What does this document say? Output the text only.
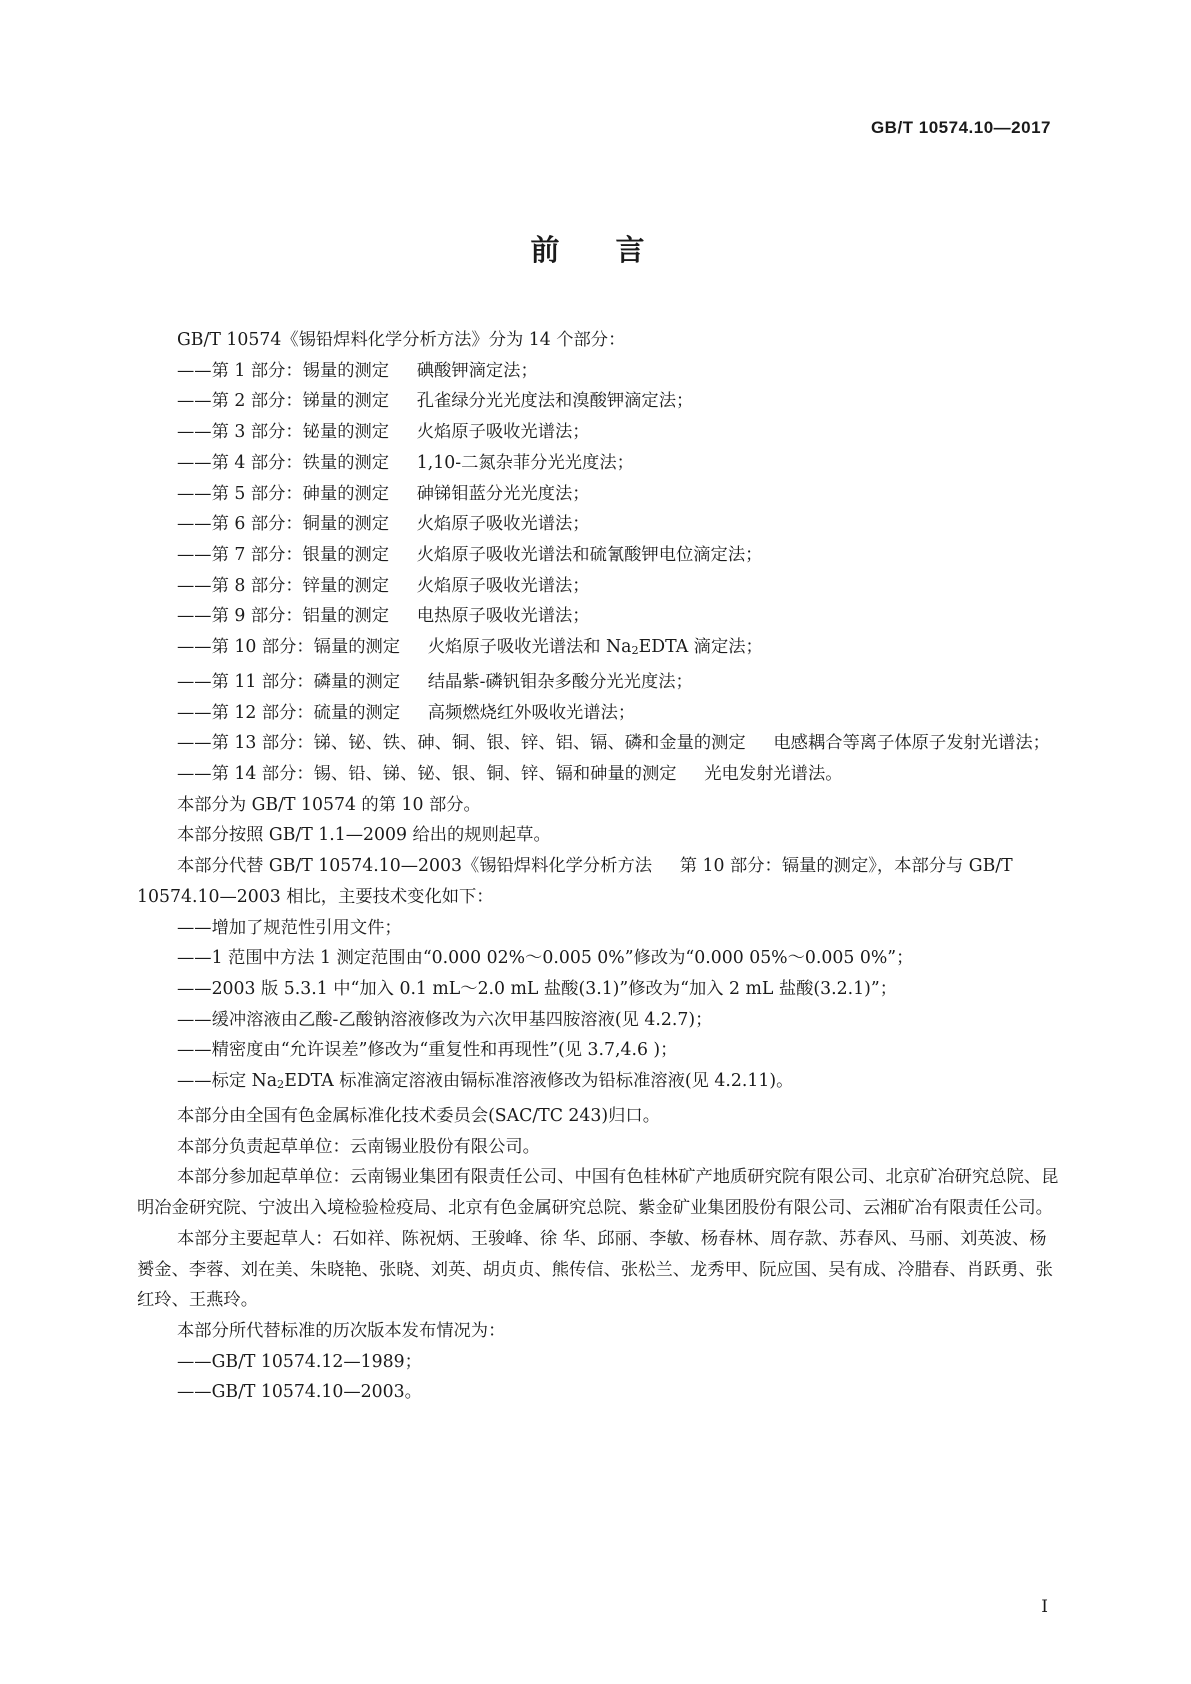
GB/T 10574.10—2017
前言

GB/T 10574《锡铅焊料化学分析方法》分为 14 个部分：

——第 1 部分：锡量的测定 碘酸钾滴定法；

——第 2 部分：锑量的测定 孔雀绿分光光度法和溴酸钾滴定法；

——第 3 部分：铋量的测定 火焰原子吸收光谱法；

——第 4 部分：铁量的测定 1,10-二氮杂菲分光光度法；

——第 5 部分：砷量的测定 砷锑钼蓝分光光度法；

——第 6 部分：铜量的测定 火焰原子吸收光谱法；

——第 7 部分：银量的测定 火焰原子吸收光谱法和硫氰酸钾电位滴定法；

——第 8 部分：锌量的测定 火焰原子吸收光谱法；

——第 9 部分：铝量的测定 电热原子吸收光谱法；

——第 10 部分：镉量的测定 火焰原子吸收光谱法和 $Na_2EDTA$ 滴定法；

——第 11 部分：磷量的测定 结晶紫-磷钒钼杂多酸分光光度法；

——第 12 部分：硫量的测定 高频燃烧红外吸收光谱法；

——第 13 部分：锑、铋、铁、砷、铜、银、锌、铝、镉、磷和金量的测定 电感耦合等离子体原子发射光谱法；

——第 14 部分：锡、铅、锑、铋、银、铜、锌、镉和砷量的测定 光电发射光谱法。

本部分为 GB/T 10574 的第 10 部分。

本部分按照 GB/T 1.1—2009 给出的规则起草。

本部分代替 GB/T 10574.10—2003《锡铅焊料化学分析方法 第 10 部分：镉量的测定》，本部分与 GB/T 10574.10—2003 相比，主要技术变化如下：

——增加了规范性引用文件；

——1 范围中方法 1 测定范围由“0.000 02%～0.005 0%”修改为“0.000 05%～0.005 0%”；

——2003 版 5.3.1 中“加入 0.1 mL～2.0 mL 盐酸(3.1)”修改为“加入 2 mL 盐酸(3.2.1)”；

——缓冲溶液由乙酸-乙酸钠溶液修改为六次甲基四胺溶液(见 4.2.7)；

——精密度由“允许误差”修改为“重复性和再现性”(见 3.7,4.6 )；

——标定 $Na_2EDTA$ 标准滴定溶液由镉标准溶液修改为铅标准溶液(见 4.2.11)。

本部分由全国有色金属标准化技术委员会(SAC/TC 243)归口。

本部分负责起草单位：云南锡业股份有限公司。

本部分参加起草单位：云南锡业集团有限责任公司、中国有色桂林矿产地质研究院有限公司、北京矿冶研究总院、昆明冶金研究院、宁波出入境检验检疫局、北京有色金属研究总院、紫金矿业集团股份有限公司、云湘矿冶有限责任公司。

本部分主要起草人：石如祥、陈祝炳、王骏峰、徐 华、邱丽、李敏、杨春林、周存款、苏春风、马丽、刘英波、杨赟金、李蓉、刘在美、朱晓艳、张晓、刘英、胡贞贞、熊传信、张松兰、龙秀甲、阮应国、吴有成、冷腊春、肖跃勇、张红玲、王燕玲。

本部分所代替标准的历次版本发布情况为：

——GB/T 10574.12—1989；

——GB/T 10574.10—2003。

I
